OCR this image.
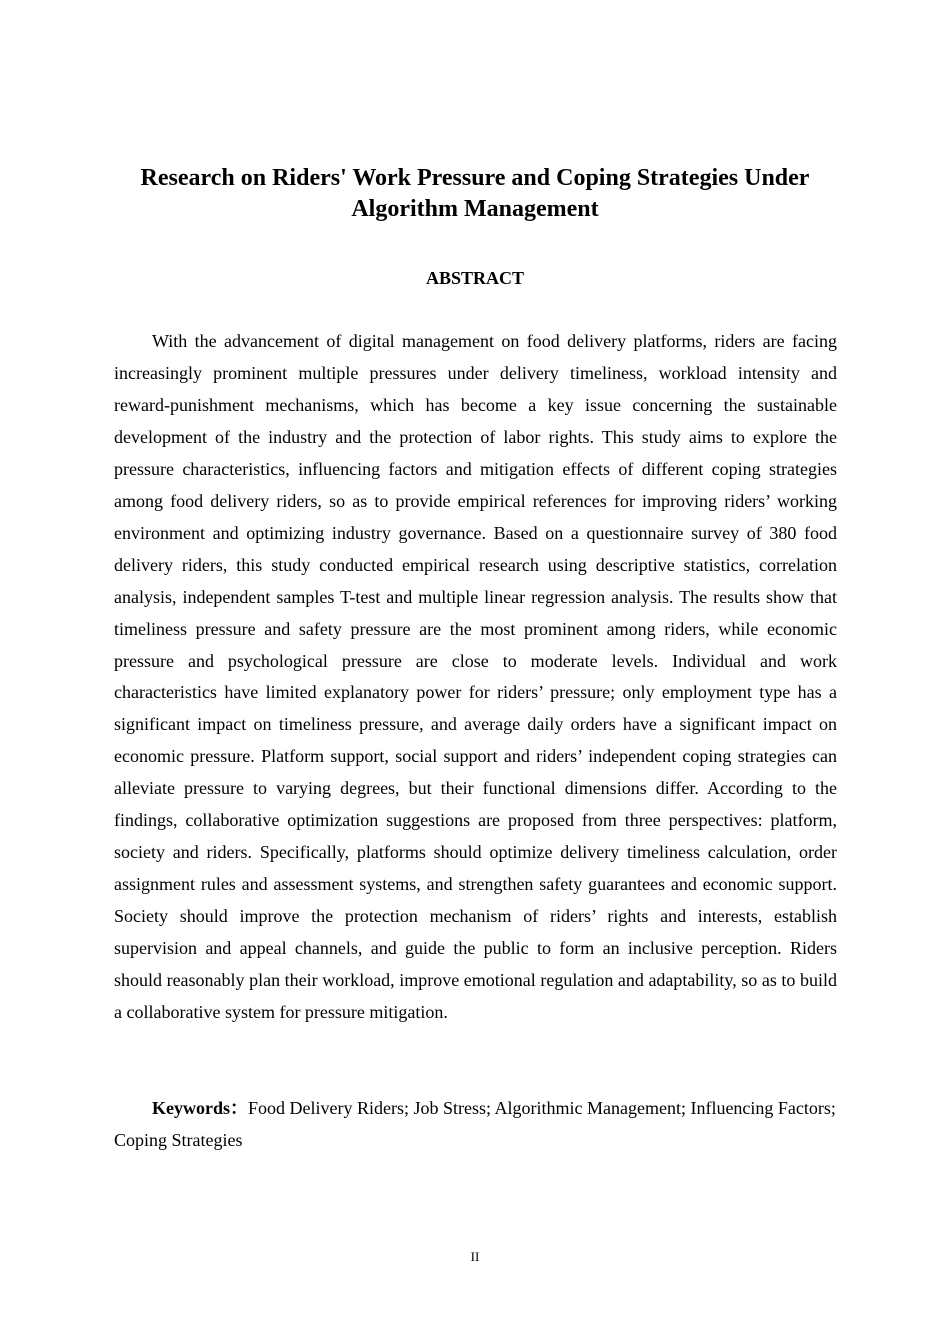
Research on Riders' Work Pressure and Coping Strategies Under Algorithm Management
ABSTRACT

With the advancement of digital management on food delivery platforms, riders are facing increasingly prominent multiple pressures under delivery timeliness, workload intensity and reward-punishment mechanisms, which has become a key issue concerning the sustainable development of the industry and the protection of labor rights. This study aims to explore the pressure characteristics, influencing factors and mitigation effects of different coping strategies among food delivery riders, so as to provide empirical references for improving riders’ working environment and optimizing industry governance. Based on a questionnaire survey of 380 food delivery riders, this study conducted empirical research using descriptive statistics, correlation analysis, independent samples T-test and multiple linear regression analysis. The results show that timeliness pressure and safety pressure are the most prominent among riders, while economic pressure and psychological pressure are close to moderate levels. Individual and work characteristics have limited explanatory power for riders’ pressure; only employment type has a significant impact on timeliness pressure, and average daily orders have a significant impact on economic pressure. Platform support, social support and riders’ independent coping strategies can alleviate pressure to varying degrees, but their functional dimensions differ. According to the findings, collaborative optimization suggestions are proposed from three perspectives: platform, society and riders. Specifically, platforms should optimize delivery timeliness calculation, order assignment rules and assessment systems, and strengthen safety guarantees and economic support. Society should improve the protection mechanism of riders’ rights and interests, establish supervision and appeal channels, and guide the public to form an inclusive perception. Riders should reasonably plan their workload, improve emotional regulation and adaptability, so as to build a collaborative system for pressure mitigation.

Keywords：Food Delivery Riders; Job Stress; Algorithmic Management; Influencing Factors; Coping Strategies

II
